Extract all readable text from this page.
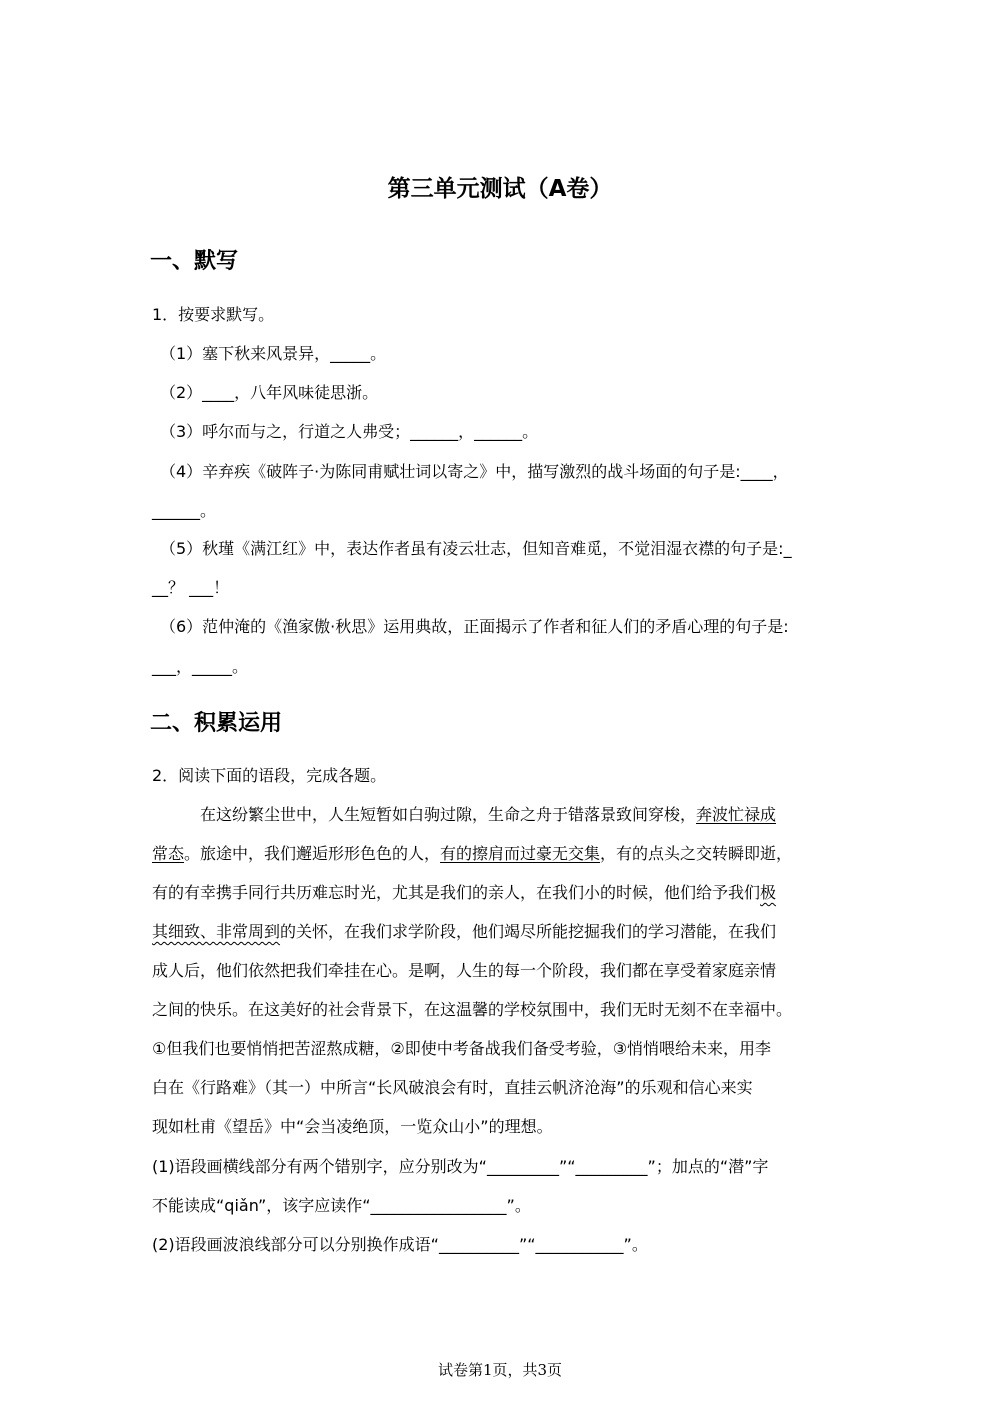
第三单元测试（A卷）
一、默写
1．按要求默写。
（1）塞下秋来风景异，_____。
（2）____，八年风味徒思浙。
（3）呼尔而与之，行道之人弗受；______，______。
（4）辛弃疾《破阵子·为陈同甫赋壮词以寄之》中，描写激烈的战斗场面的句子是:____，
______。
（5）秋瑾《满江红》中，表达作者虽有凌云壮志，但知音难觅，不觉泪湿衣襟的句子是:_
__？ ___！
（6）范仲淹的《渔家傲·秋思》运用典故，正面揭示了作者和征人们的矛盾心理的句子是:
___，_____。
二、积累运用
2．阅读下面的语段，完成各题。
在这纷繁尘世中，人生短暂如白驹过隙，生命之舟于错落景致间穿梭，奔波忙禄成
常态。旅途中，我们邂逅形形色色的人，有的擦肩而过豪无交集，有的点头之交转瞬即逝，
有的有幸携手同行共历难忘时光，尤其是我们的亲人，在我们小的时候，他们给予我们极
其细致、非常周到的关怀，在我们求学阶段，他们竭尽所能挖掘我们的学习潜能，在我们
成人后，他们依然把我们牵挂在心。是啊，人生的每一个阶段，我们都在享受着家庭亲情
之间的快乐。在这美好的社会背景下，在这温馨的学校氛围中，我们无时无刻不在幸福中。
①但我们也要悄悄把苦涩熬成糖，②即使中考备战我们备受考验，③悄悄喂给未来，用李
白在《行路难》（其一）中所言“长风破浪会有时，直挂云帆济沧海”的乐观和信心来实
现如杜甫《望岳》中“会当凌绝顶，一览众山小”的理想。
(1)语段画横线部分有两个错别字，应分别改为“_________”“_________”；加点的“潜”字
不能读成“qiǎn”，该字应读作“_________________”。
(2)语段画波浪线部分可以分别换作成语“__________”“___________”。
试卷第1页，共3页
